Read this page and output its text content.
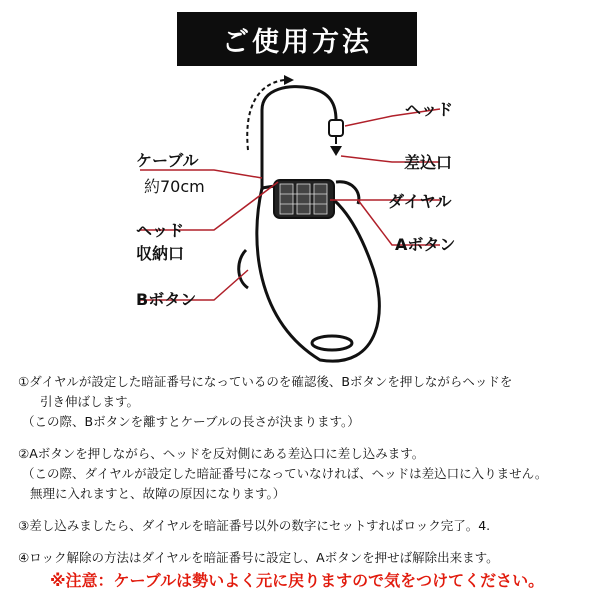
ご使用方法
ヘッド
差込口
ダイヤル
Aボタン
ケーブル
約70cm
ヘッド
収納口
Bボタン
①ダイヤルが設定した暗証番号になっているのを確認後、Bボタンを押しながらヘッドを
引き伸ばします。
（この際、Bボタンを離すとケーブルの長さが決まります。）
②Aボタンを押しながら、ヘッドを反対側にある差込口に差し込みます。
（この際、ダイヤルが設定した暗証番号になっていなければ、ヘッドは差込口に入りません。
無理に入れますと、故障の原因になります。）
③差し込みましたら、ダイヤルを暗証番号以外の数字にセットすればロック完了。4.
④ロック解除の方法はダイヤルを暗証番号に設定し、Aボタンを押せば解除出来ます。
※注意：ケーブルは勢いよく元に戻りますので気をつけてください。
